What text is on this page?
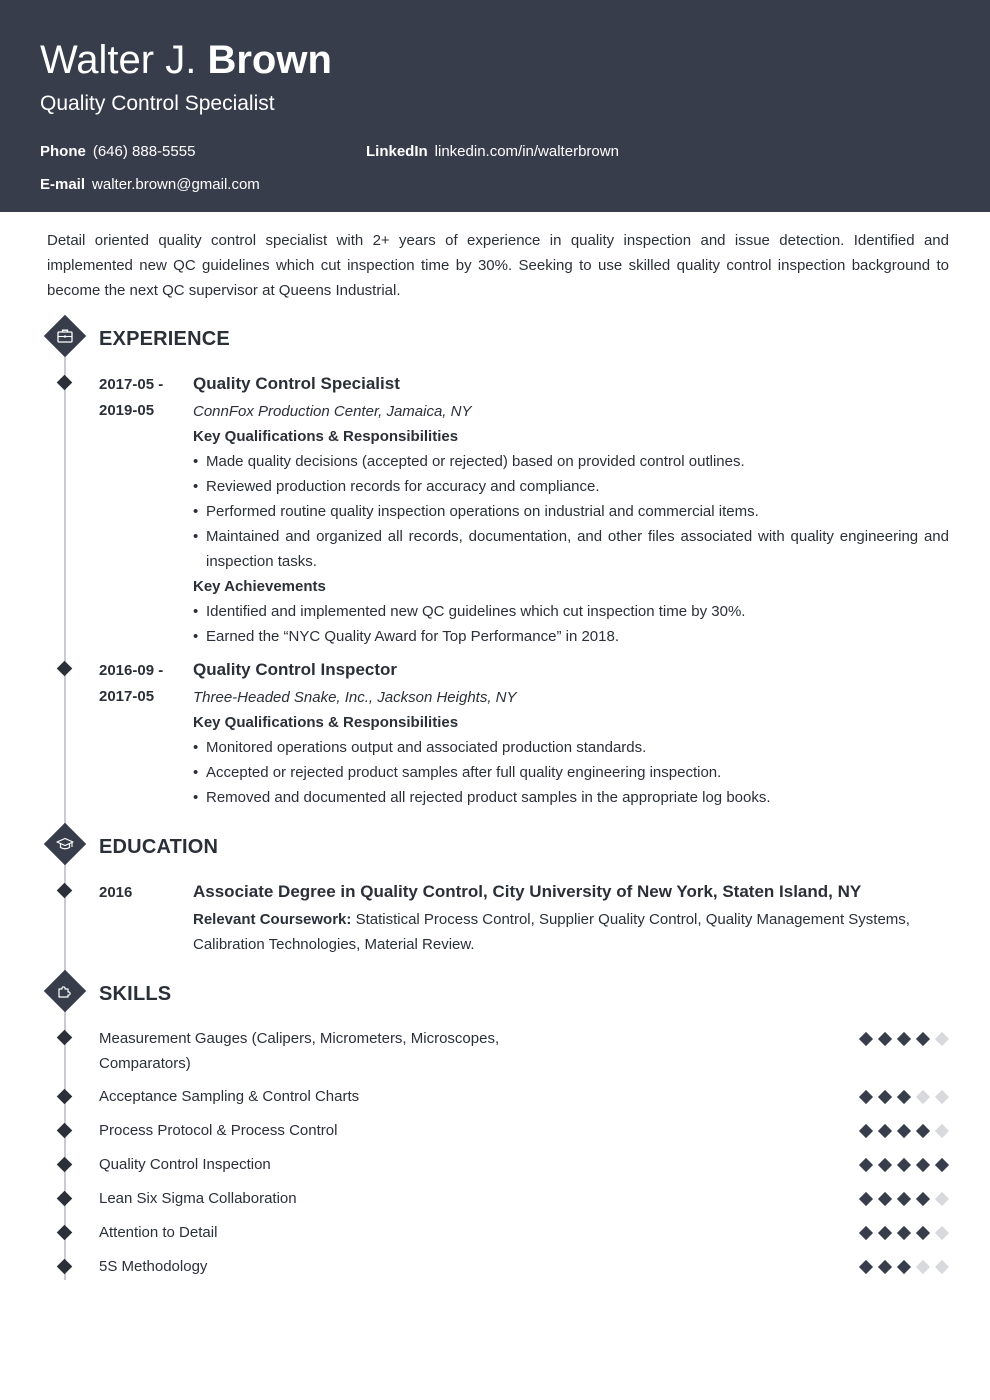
Walter J. Brown
Quality Control Specialist
Phone (646) 888-5555	LinkedIn linkedin.com/in/walterbrown
E-mail walter.brown@gmail.com
Detail oriented quality control specialist with 2+ years of experience in quality inspection and issue detection. Identified and implemented new QC guidelines which cut inspection time by 30%. Seeking to use skilled quality control inspection background to become the next QC supervisor at Queens Industrial.
EXPERIENCE
2017-05 -
2019-05
Quality Control Specialist
ConnFox Production Center, Jamaica, NY
Key Qualifications & Responsibilities
• Made quality decisions (accepted or rejected) based on provided control outlines.
• Reviewed production records for accuracy and compliance.
• Performed routine quality inspection operations on industrial and commercial items.
• Maintained and organized all records, documentation, and other files associated with quality engineering and inspection tasks.
Key Achievements
• Identified and implemented new QC guidelines which cut inspection time by 30%.
• Earned the “NYC Quality Award for Top Performance” in 2018.
2016-09 -
2017-05
Quality Control Inspector
Three-Headed Snake, Inc., Jackson Heights, NY
Key Qualifications & Responsibilities
• Monitored operations output and associated production standards.
• Accepted or rejected product samples after full quality engineering inspection.
• Removed and documented all rejected product samples in the appropriate log books.
EDUCATION
2016	Associate Degree in Quality Control, City University of New York, Staten Island, NY
Relevant Coursework: Statistical Process Control, Supplier Quality Control, Quality Management Systems, Calibration Technologies, Material Review.
SKILLS
Measurement Gauges (Calipers, Micrometers, Microscopes, Comparators)
Acceptance Sampling & Control Charts
Process Protocol & Process Control
Quality Control Inspection
Lean Six Sigma Collaboration
Attention to Detail
5S Methodology
